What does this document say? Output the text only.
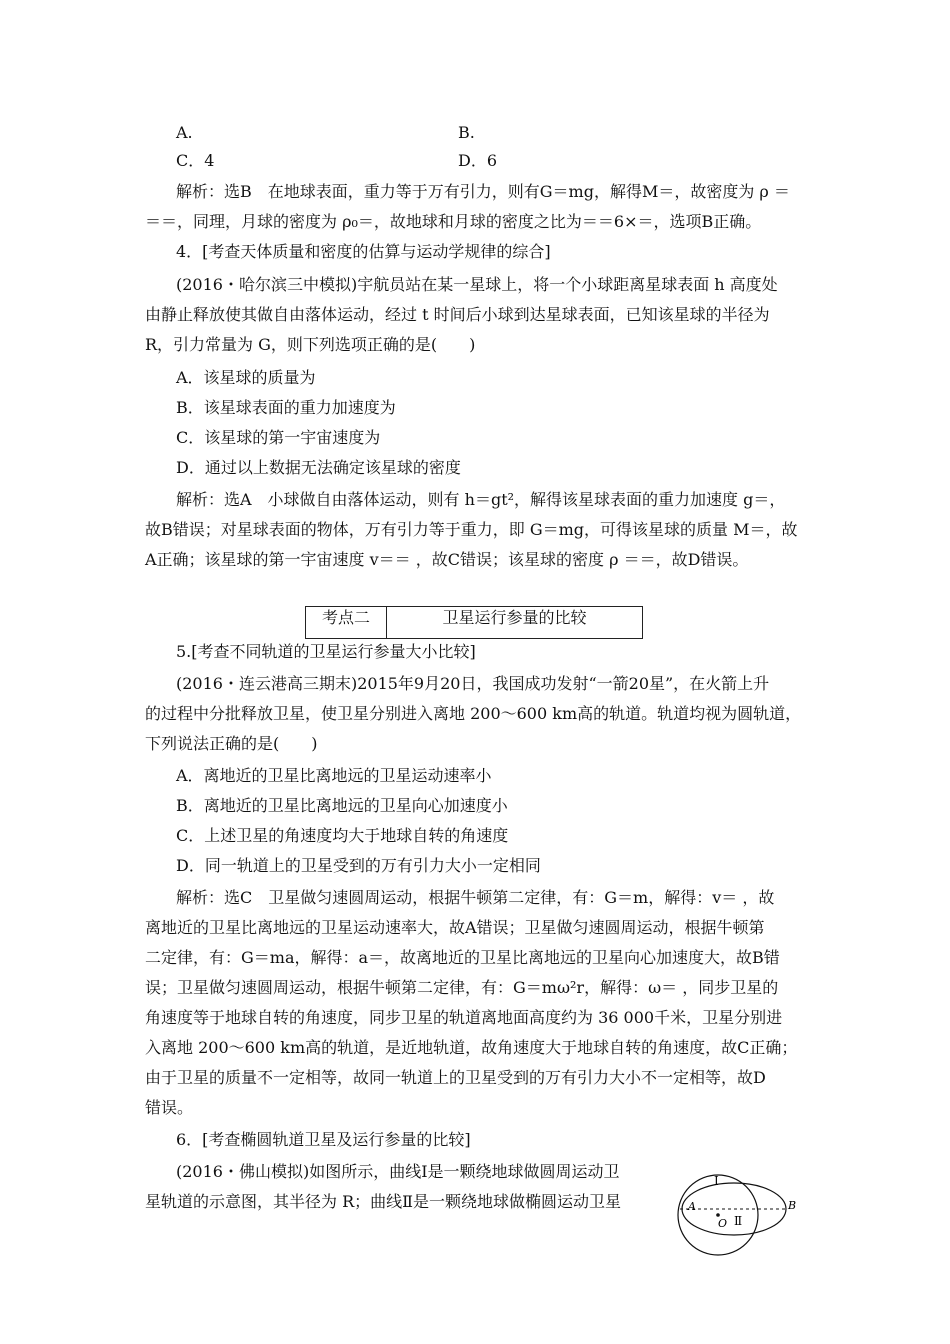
A.	B.
C．4	D．6
解析：选B　在地球表面，重力等于万有引力，则有G＝mg，解得M＝，故密度为 ρ ＝
＝＝，同理，月球的密度为 ρ₀＝，故地球和月球的密度之比为＝＝6×＝，选项B正确。
4．[考查天体质量和密度的估算与运动学规律的综合]
(2016・哈尔滨三中模拟)宇航员站在某一星球上，将一个小球距离星球表面 h 高度处
由静止释放使其做自由落体运动，经过 t 时间后小球到达星球表面，已知该星球的半径为
R，引力常量为 G，则下列选项正确的是(　　)
A．该星球的质量为
B．该星球表面的重力加速度为
C．该星球的第一宇宙速度为
D．通过以上数据无法确定该星球的密度
解析：选A　小球做自由落体运动，则有 h＝gt²，解得该星球表面的重力加速度 g＝，
故B错误；对星球表面的物体，万有引力等于重力，即 G＝mg，可得该星球的质量 M＝，故
A正确；该星球的第一宇宙速度 v＝＝ ，故C错误；该星球的密度 ρ ＝＝，故D错误。
考点二	卫星运行参量的比较
5.[考查不同轨道的卫星运行参量大小比较]
(2016・连云港高三期末)2015年9月20日，我国成功发射“一箭20星”，在火箭上升
的过程中分批释放卫星，使卫星分别进入离地 200～600 km高的轨道。轨道均视为圆轨道，
下列说法正确的是(　　)
A．离地近的卫星比离地远的卫星运动速率小
B．离地近的卫星比离地远的卫星向心加速度小
C．上述卫星的角速度均大于地球自转的角速度
D．同一轨道上的卫星受到的万有引力大小一定相同
解析：选C　卫星做匀速圆周运动，根据牛顿第二定律，有：G＝m，解得：v＝ ，故
离地近的卫星比离地远的卫星运动速率大，故A错误；卫星做匀速圆周运动，根据牛顿第
二定律，有：G＝ma，解得：a＝，故离地近的卫星比离地远的卫星向心加速度大，故B错
误；卫星做匀速圆周运动，根据牛顿第二定律，有：G＝mω²r，解得：ω＝ ，同步卫星的
角速度等于地球自转的角速度，同步卫星的轨道离地面高度约为 36 000千米，卫星分别进
入离地 200～600 km高的轨道，是近地轨道，故角速度大于地球自转的角速度，故C正确；
由于卫星的质量不一定相等，故同一轨道上的卫星受到的万有引力大小不一定相等，故D
错误。
6．[考查椭圆轨道卫星及运行参量的比较]
(2016・佛山模拟)如图所示，曲线Ⅰ是一颗绕地球做圆周运动卫
星轨道的示意图，其半径为 R；曲线Ⅱ是一颗绕地球做椭圆运动卫星
Ⅰ
Ⅱ
A	B
O
